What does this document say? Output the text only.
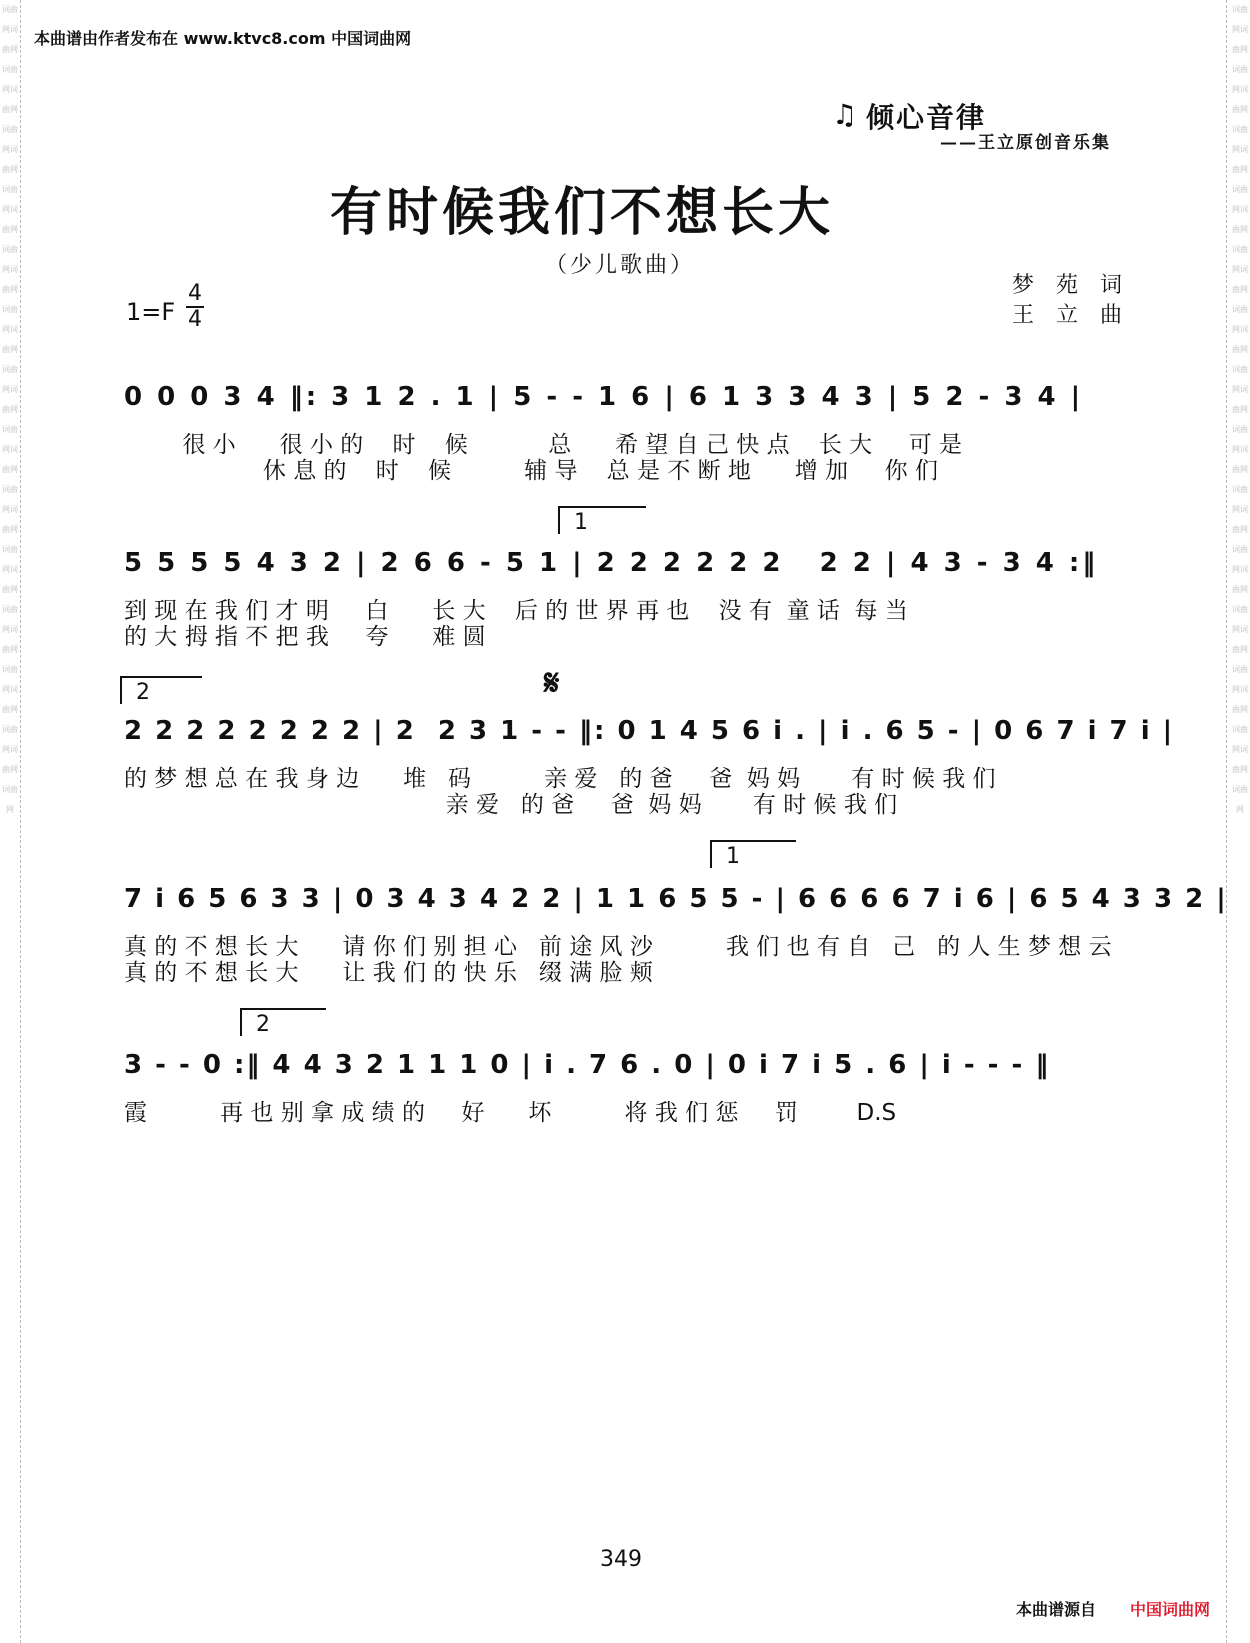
词曲网词曲网词曲网词曲网词曲网词曲网词曲网词曲网词曲网词曲网词曲网词曲网词曲网词曲网词曲网词曲网词曲网词曲网词曲网词曲网词曲网词曲网词曲网词曲网词曲网词曲网词曲网
词曲网词曲网词曲网词曲网词曲网词曲网词曲网词曲网词曲网词曲网词曲网词曲网词曲网词曲网词曲网词曲网词曲网词曲网词曲网词曲网词曲网词曲网词曲网词曲网词曲网词曲网词曲网
本曲谱由作者发布在 www.ktvc8.com 中国词曲网
♫ 倾心音律
——王立原创音乐集
有时候我们不想长大
（少儿歌曲）
梦　苑　词
王　立　曲
1=F
4
4
0 0 0 3 4 ‖: 3 1 2 . 1 | 5 - - 1 6 | 6 1 3 3 4 3 | 5 2 - 3 4 |
很 小      很 小 的    时    候           总      希 望 自 己 快 点    长 大     可 是
休 息 的    时    候          辅 导    总 是 不 断 地      增 加     你 们
1
5 5 5 5 4 3 2 | 2 6 6 - 5 1 | 2 2 2 2 2 2   2 2 | 4 3 - 3 4 :‖
到 现 在 我 们 才 明     白      长 大    后 的 世 界 再 也    没 有  童 话  每 当
的 大 拇 指 不 把 我     夸      难 圆
2	𝄋
2 2 2 2 2 2 2 2 | 2  2 3 1 - - ‖: 0 1 4 5 6 i . | i . 6 5 - | 0 6 7 i 7 i |
的 梦 想 总 在 我 身 边      堆   码          亲 爱   的 爸     爸  妈 妈       有 时 候 我 们
亲 爱   的 爸     爸  妈 妈       有 时 候 我 们
1
7 i 6 5 6 3 3 | 0 3 4 3 4 2 2 | 1 1 6 5 5 - | 6 6 6 6 7 i 6 | 6 5 4 3 3 2 |
真 的 不 想 长 大      请 你 们 别 担 心   前 途 风 沙          我 们 也 有 自   己   的 人 生 梦 想 云
真 的 不 想 长 大      让 我 们 的 快 乐   缀 满 脸 颊
2
3 - - 0 :‖ 4 4 3 2 1 1 1 0 | i . 7 6 . 0 | 0 i 7 i 5 . 6 | i - - - ‖
霞          再 也 别 拿 成 绩 的     好      坏          将 我 们 惩     罚        D.S
349
本曲谱源自 中国词曲网
